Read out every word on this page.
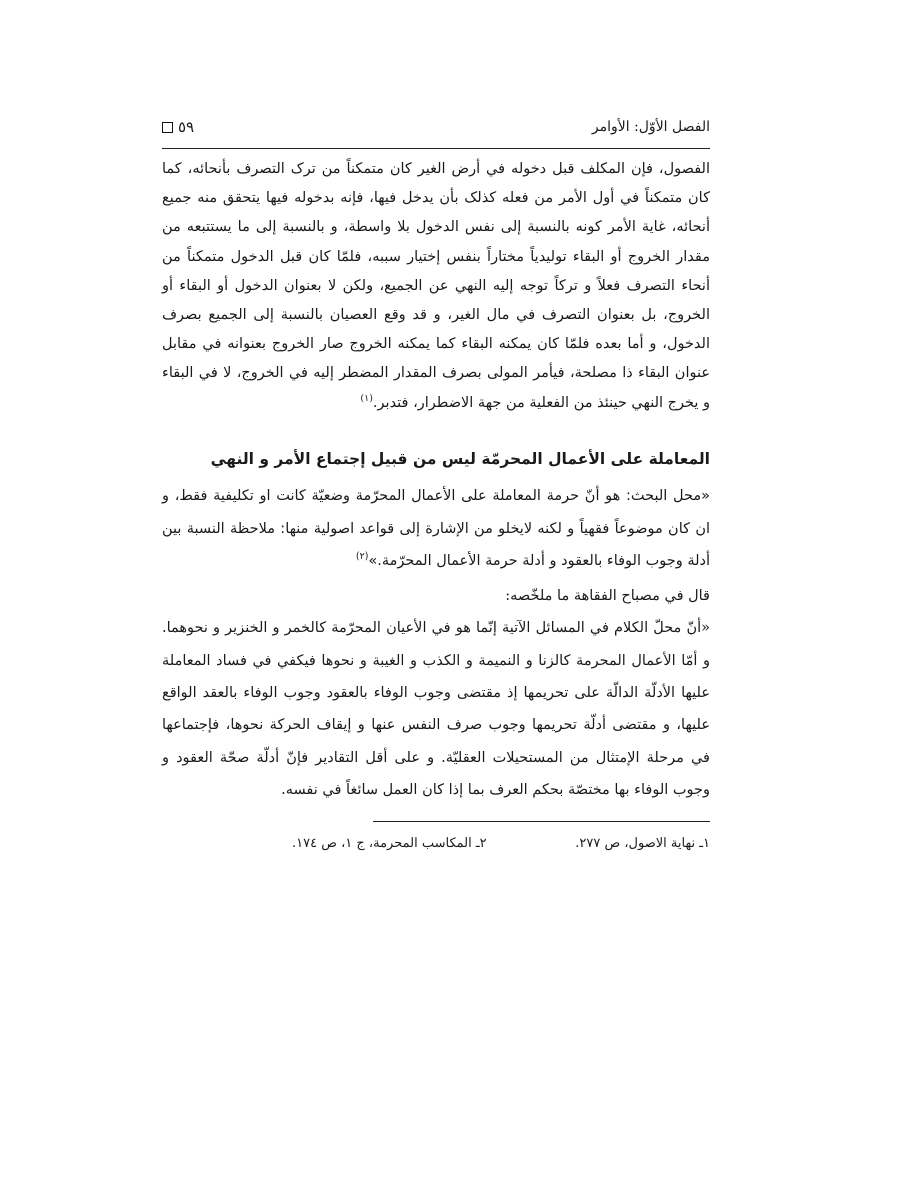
الفصل الأوّل: الأوامر
٥٩

الفصول، فإن المكلف قبل دخوله في أرض الغير كان متمكناً من ترک التصرف بأنحائه، کما كان متمكناً في أول الأمر من فعله كذلک بأن يدخل فيها، فإنه بدخوله فيها يتحقق منه جميع أنحائه، غاية الأمر كونه بالنسبة إلى نفس الدخول بلا واسطة، و بالنسبة إلى ما يستتبعه من مقدار الخروج أو البقاء توليدياً مختاراً بنفس إختيار سببه، فلمّا كان قبل الدخول متمكناً من أنحاء التصرف فعلاً و تركاً توجه إليه النهي عن الجميع، ولكن لا بعنوان الدخول أو البقاء أو الخروج، بل بعنوان التصرف في مال الغير، و قد وقع العصيان بالنسبة إلى الجميع بصرف الدخول، و أما بعده فلمّا كان يمكنه البقاء كما يمكنه الخروج صار الخروج بعنوانه في مقابل عنوان البقاء ذا مصلحة، فيأمر المولى بصرف المقدار المضطر إليه في الخروج، لا في البقاء و يخرج النهي حينئذ من الفعلية من جهة الاضطرار، فتدبر.$^{(١)}$

المعاملة على الأعمال المحرمّة ليس من قبيل إجتماع الأمر و النهي

«محل البحث: هو أنّ حرمة المعاملة على الأعمال المحرّمة وضعيّة كانت او تكليفية فقط، و ان كان موضوعاً فقهياً و لكنه لايخلو من الإشارة إلى قواعد اصولية منها: ملاحظة النسبة بين أدلة وجوب الوفاء بالعقود و أدلة حرمة الأعمال المحرّمة.»$^{(٢)}$

قال في مصباح الفقاهة ما ملخّصه:

«أنّ محلّ الكلام في المسائل الآتية إنّما هو في الأعيان المحرّمة كالخمر و الخنزير و نحوهما. و أمّا الأعمال المحرمة كالزنا و النميمة و الكذب و الغيبة و نحوها فيكفي في فساد المعاملة عليها الأدلّة الدالّة على تحريمها إذ مقتضى وجوب الوفاء بالعقود وجوب الوفاء بالعقد الواقع عليها، و مقتضى أدلّة تحريمها وجوب صرف النفس عنها و إيقاف الحركة نحوها، فإجتماعها في مرحلة الإمتثال من المستحيلات العقليّة. و على أقل التقادير فإنّ أدلّة صحّة العقود و وجوب الوفاء بها مختصّة بحكم العرف بما إذا كان العمل سائغاً في نفسه.

١ـ نهاية الاصول، ص ٢٧٧.
٢ـ المكاسب المحرمة، ج ١، ص ١٧٤.
